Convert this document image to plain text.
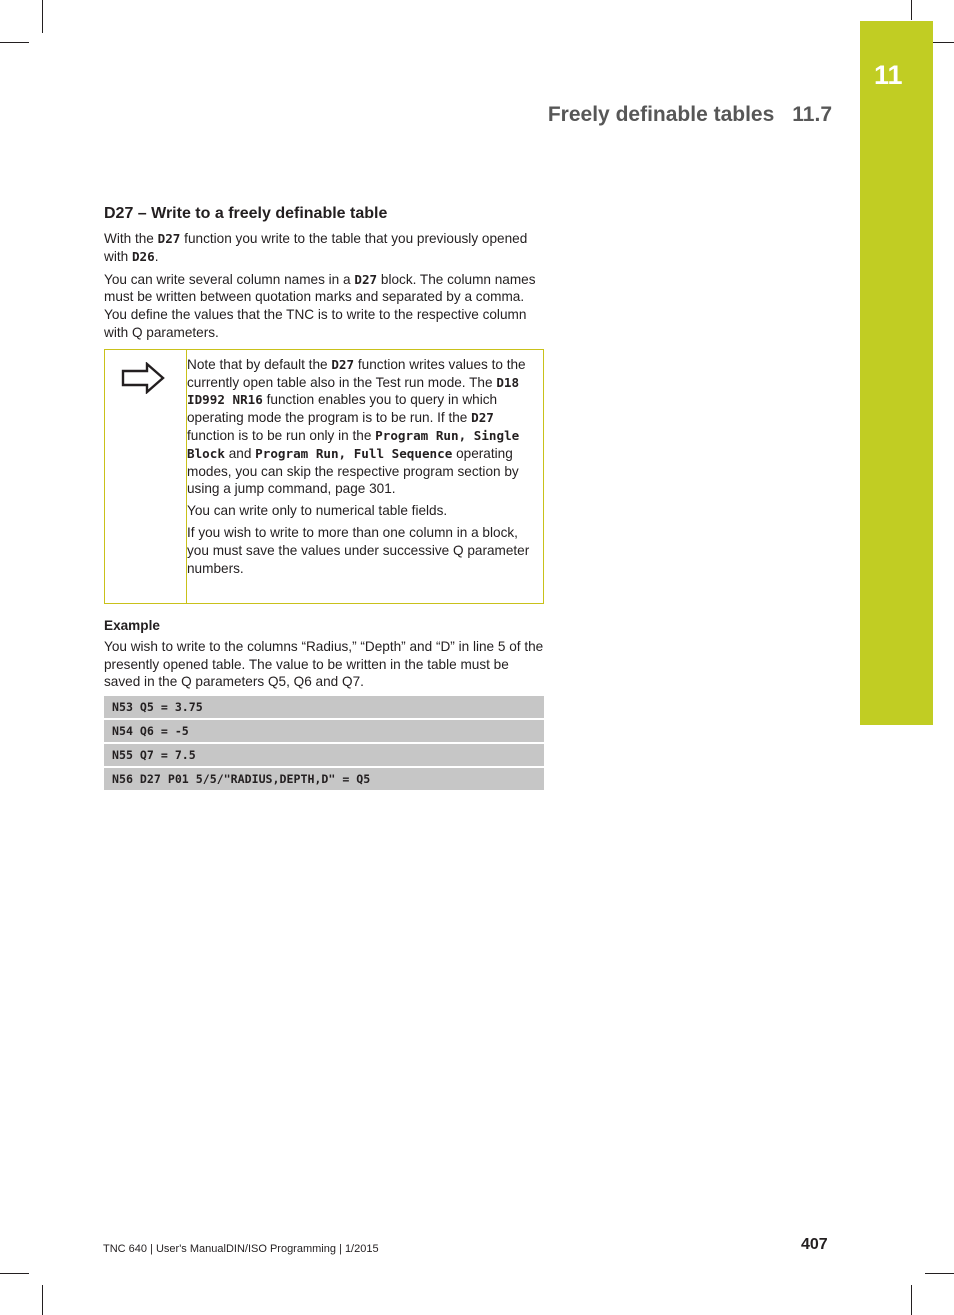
11
Freely definable tables 11.7
D27 – Write to a freely definable table

With the D27 function you write to the table that you previously opened with D26.

You can write several column names in a D27 block. The column names must be written between quotation marks and separated by a comma. You define the values that the TNC is to write to the respective column with Q parameters.

Note that by default the D27 function writes values to the currently open table also in the Test run mode. The D18 ID992 NR16 function enables you to query in which operating mode the program is to be run. If the D27 function is to be run only in the Program Run, Single Block and Program Run, Full Sequence operating modes, you can skip the respective program section by using a jump command, page 301.

You can write only to numerical table fields.

If you wish to write to more than one column in a block, you must save the values under successive Q parameter numbers.

Example

You wish to write to the columns “Radius,” “Depth” and “D” in line 5 of the presently opened table. The value to be written in the table must be saved in the Q parameters Q5, Q6 and Q7.

N53 Q5 = 3.75
N54 Q6 = -5
N55 Q7 = 7.5
N56 D27 P01 5/5/"RADIUS,DEPTH,D" = Q5
TNC 640 | User's ManualDIN/ISO Programming | 1/2015	407
